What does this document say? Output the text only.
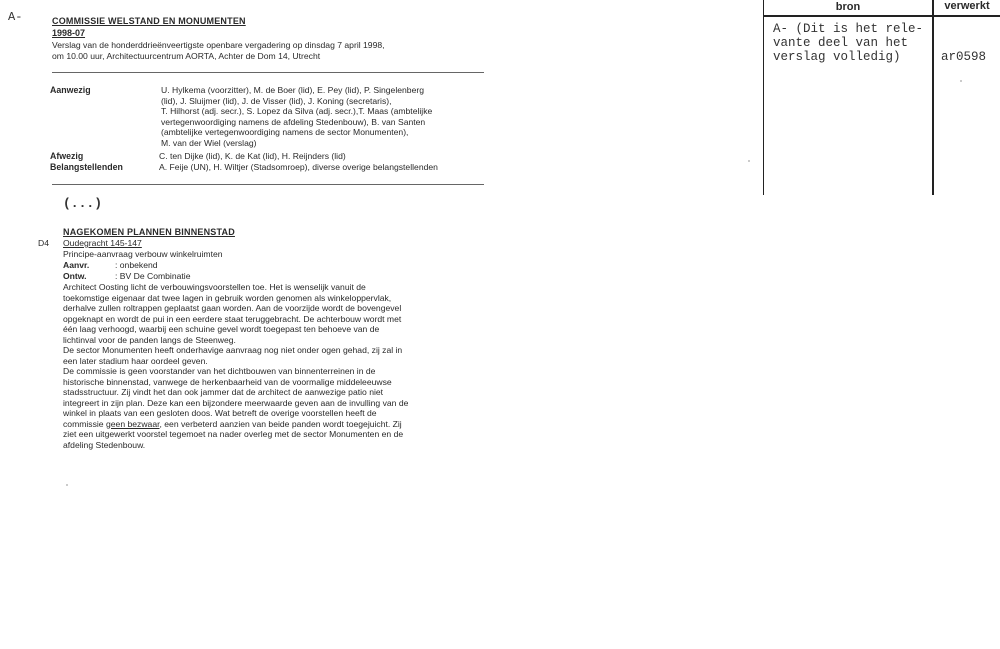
A-	COMMISSIE WELSTAND EN MONUMENTEN
1998-07
Verslag van de honderddrieënveertigste openbare vergadering op dinsdag 7 april 1998,
om 10.00 uur, Architectuurcentrum AORTA, Achter de Dom 14, Utrecht
Aanwezig	U. Hylkema (voorzitter), M. de Boer (lid), E. Pey (lid), P. Singelenberg
(lid), J. Sluijmer (lid), J. de Visser (lid), J. Koning (secretaris),
T. Hilhorst (adj. secr.), S. Lopez da Silva (adj. secr.),T. Maas (ambtelijke
vertegenwoordiging namens de afdeling Stedenbouw), B. van Santen
(ambtelijke vertegenwoordiging namens de sector Monumenten),
M. van der Wiel (verslag)
Afwezig	C. ten Dijke (lid), K. de Kat (lid), H. Reijnders (lid)
Belangstellenden	A. Feije (UN), H. Wiltjer (Stadsomroep), diverse overige belangstellenden
(...)
NAGEKOMEN PLANNEN BINNENSTAD
D4 Oudegracht 145-147
Principe-aanvraag verbouw winkelruimten
Aanvr.	: onbekend
Ontw.	: BV De Combinatie
Architect Oosting licht de verbouwingsvoorstellen toe. Het is wenselijk vanuit de
toekomstige eigenaar dat twee lagen in gebruik worden genomen als winkeloppervlak,
derhalve zullen roltrappen geplaatst gaan worden. Aan de voorzijde wordt de bovengevel
opgeknapt en wordt de pui in een eerdere staat teruggebracht. De achterbouw wordt met
één laag verhoogd, waarbij een schuine gevel wordt toegepast ten behoeve van de
lichtinval voor de panden langs de Steenweg.
De sector Monumenten heeft onderhavige aanvraag nog niet onder ogen gehad, zij zal in
een later stadium haar oordeel geven.
De commissie is geen voorstander van het dichtbouwen van binnenterreinen in de
historische binnenstad, vanwege de herkenbaarheid van de voormalige middeleeuwse
stadsstructuur. Zij vindt het dan ook jammer dat de architect de aanwezige patio niet
integreert in zijn plan. Deze kan een bijzondere meerwaarde geven aan de invulling van de
winkel in plaats van een gesloten doos. Wat betreft de overige voorstellen heeft de
commissie geen bezwaar, een verbeterd aanzien van beide panden wordt toegejuicht. Zij
ziet een uitgewerkt voorstel tegemoet na nader overleg met de sector Monumenten en de
afdeling Stedenbouw.
bron	verwerkt
A- (Dit is het rele-
vante deel van het
verslag volledig)	ar0598
